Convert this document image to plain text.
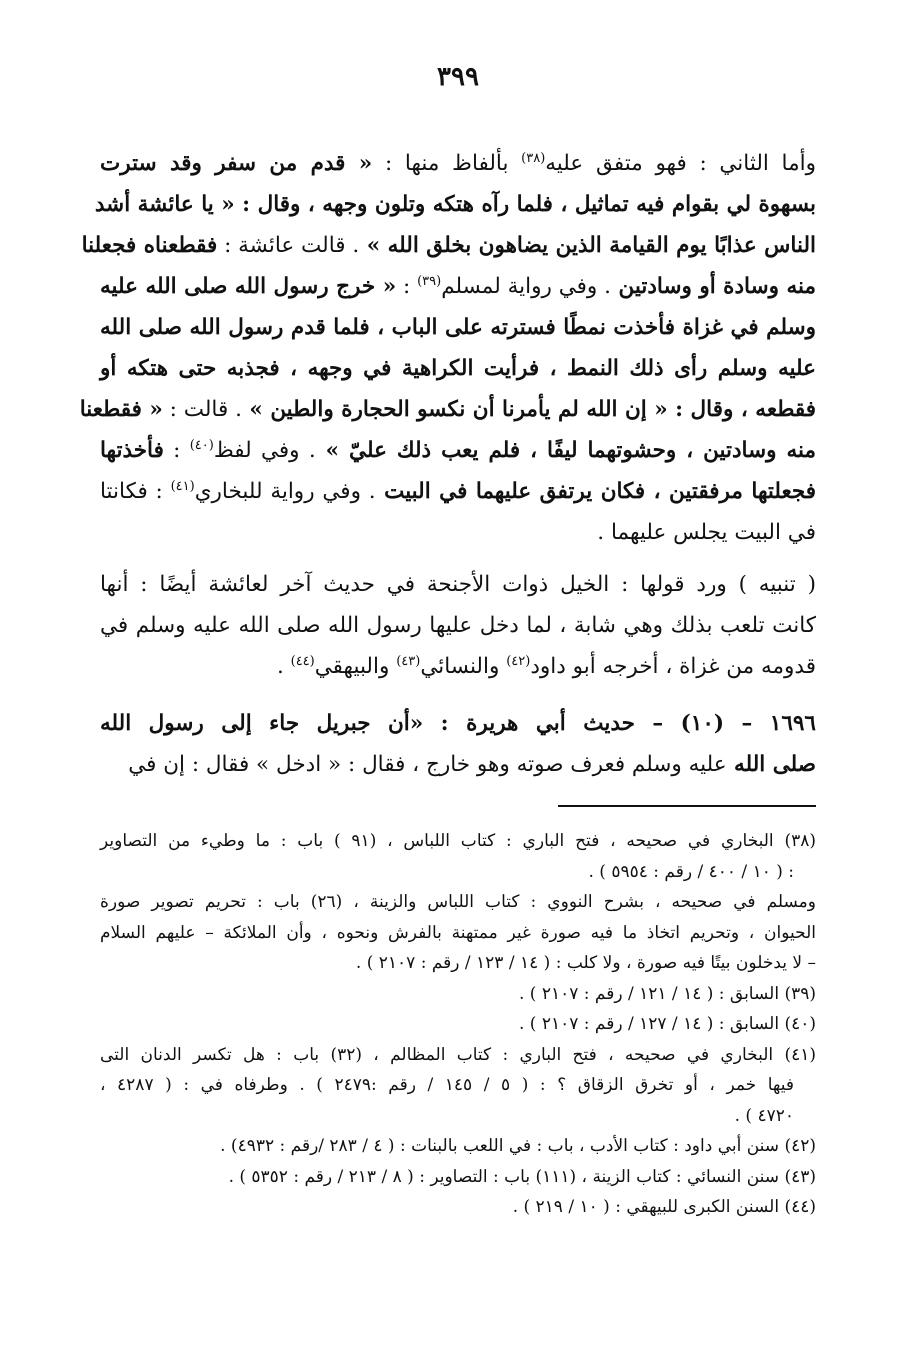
٣٩٩
وأما الثاني : فهو متفق عليه$^{(٣٨)}$ بألفاظ منها : « قدم من سفر وقد سترت
بسهوة لي بقوام فيه تماثيل ، فلما رآه هتكه وتلون وجهه ، وقال : « يا عائشة أشد
الناس عذابًا يوم القيامة الذين يضاهون بخلق الله » . قالت عائشة : فقطعناه فجعلنا
منه وسادة أو وسادتين . وفي رواية لمسلم$^{(٣٩)}$ : « خرج رسول الله صلى الله عليه
وسلم في غزاة فأخذت نمطًا فسترته على الباب ، فلما قدم رسول الله صلى الله
عليه وسلم رأى ذلك النمط ، فرأيت الكراهية في وجهه ، فجذبه حتى هتكه أو
فقطعه ، وقال : « إن الله لم يأمرنا أن نكسو الحجارة والطين » . قالت : « فقطعنا
منه وسادتين ، وحشوتهما ليفًا ، فلم يعب ذلك عليّ » . وفي لفظ$^{(٤٠)}$ : فأخذتها
فجعلتها مرفقتين ، فكان يرتفق عليهما في البيت . وفي رواية للبخاري$^{(٤١)}$ : فكانتا
في البيت يجلس عليهما .
( تنبيه ) ورد قولها : الخيل ذوات الأجنحة في حديث آخر لعائشة أيضًا : أنها
كانت تلعب بذلك وهي شابة ، لما دخل عليها رسول الله صلى الله عليه وسلم في
قدومه من غزاة ، أخرجه أبو داود$^{(٤٢)}$ والنسائي$^{(٤٣)}$ والبيهقي$^{(٤٤)}$ .
١٦٩٦ – (١٠) – حديث أبي هريرة : «أن جبريل جاء إلى رسول الله
صلى الله عليه وسلم فعرف صوته وهو خارج ، فقال : « ادخل » فقال : إن في
(٣٨) البخاري في صحيحه ، فتح الباري : كتاب اللباس ، (٩١ ) باب : ما وطيء من التصاوير
: ( ١٠ / ٤٠٠ / رقم : ٥٩٥٤ ) .
ومسلم في صحيحه ، بشرح النووي : كتاب اللباس والزينة ، (٢٦) باب : تحريم تصوير صورة
الحيوان ، وتحريم اتخاذ ما فيه صورة غير ممتهنة بالفرش ونحوه ، وأن الملائكة – عليهم السلام
– لا يدخلون بيتًا فيه صورة ، ولا كلب : ( ١٤ / ١٢٣ / رقم : ٢١٠٧ ) .
(٣٩) السابق : ( ١٤ / ١٢١ / رقم : ٢١٠٧ ) .
(٤٠) السابق : ( ١٤ / ١٢٧ / رقم : ٢١٠٧ ) .
(٤١) البخاري في صحيحه ، فتح الباري : كتاب المظالم ، (٣٢) باب : هل تكسر الدنان التى
فيها خمر ، أو تخرق الزقاق ؟ : ( ٥ / ١٤٥ / رقم :٢٤٧٩ ) . وطرفاه في : ( ٤٢٨٧ ،
٤٧٢٠ ) .
(٤٢) سنن أبي داود : كتاب الأدب ، باب : في اللعب بالبنات : ( ٤ / ٢٨٣ /رقم : ٤٩٣٢) .
(٤٣) سنن النسائي : كتاب الزينة ، (١١١) باب : التصاوير : ( ٨ / ٢١٣ / رقم : ٥٣٥٢ ) .
(٤٤) السنن الكبرى للبيهقي : ( ١٠ / ٢١٩ ) .
